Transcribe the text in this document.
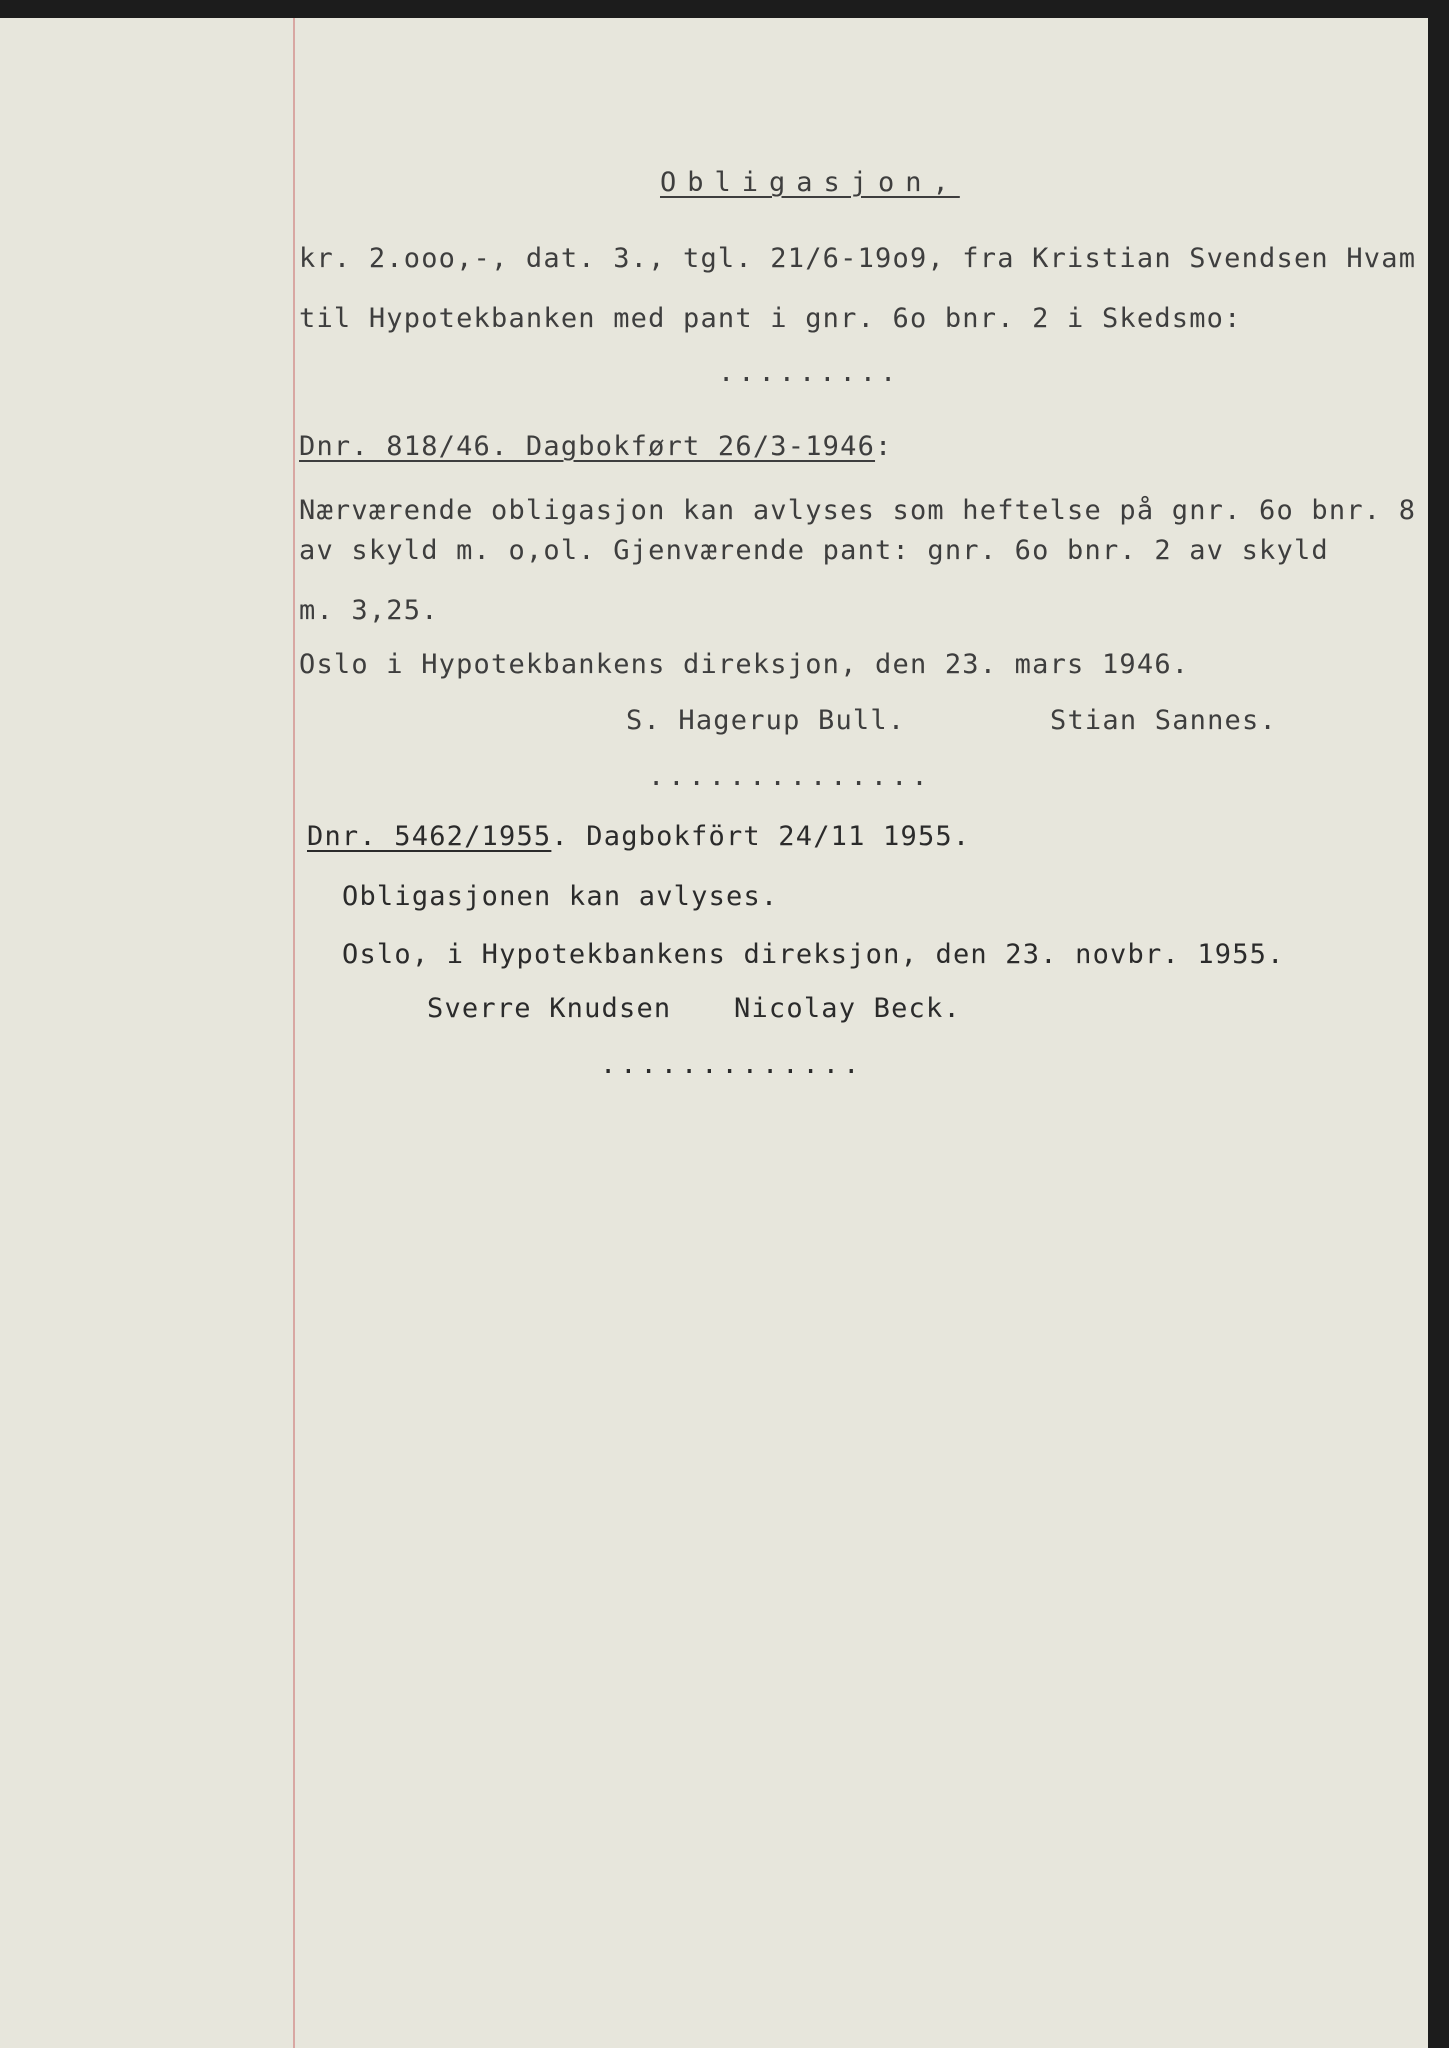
Obligasjon,
kr. 2.ooo,-, dat. 3., tgl. 21/6-19o9, fra Kristian Svendsen Hvam
til Hypotekbanken med pant i gnr. 6o bnr. 2 i Skedsmo:
.........
Dnr. 818/46. Dagbokført 26/3-1946:
Nærværende obligasjon kan avlyses som heftelse på gnr. 6o bnr. 8
av skyld m. o,ol. Gjenværende pant: gnr. 6o bnr. 2 av skyld
m. 3,25.
Oslo i Hypotekbankens direksjon, den 23. mars 1946.
S. Hagerup Bull.	Stian Sannes.
..............
Dnr. 5462/1955. Dagbokfört 24/11 1955.
Obligasjonen kan avlyses.
Oslo, i Hypotekbankens direksjon, den 23. novbr. 1955.
Sverre Knudsen Nicolay Beck.
.............
